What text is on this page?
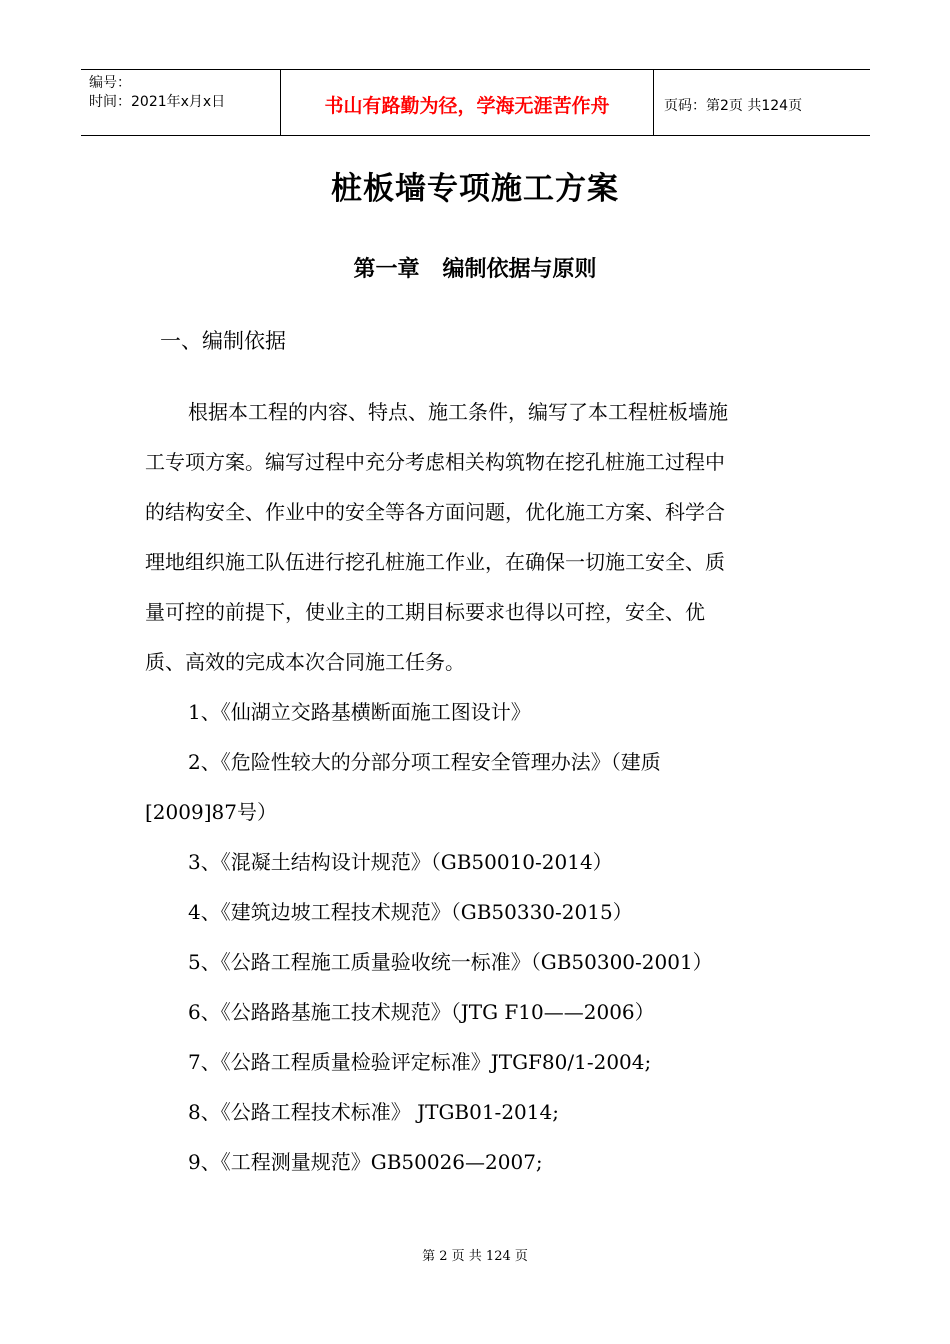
编号：
时间：2021年x月x日	书山有路勤为径，学海无涯苦作舟	页码：第2页 共124页
桩板墙专项施工方案
第一章   编制依据与原则
一、编制依据
根据本工程的内容、特点、施工条件，编写了本工程桩板墙施
工专项方案。编写过程中充分考虑相关构筑物在挖孔桩施工过程中
的结构安全、作业中的安全等各方面问题，优化施工方案、科学合
理地组织施工队伍进行挖孔桩施工作业，在确保一切施工安全、质
量可控的前提下，使业主的工期目标要求也得以可控，安全、优
质、高效的完成本次合同施工任务。
1、《仙湖立交路基横断面施工图设计》
2、《危险性较大的分部分项工程安全管理办法》（建质
[2009]87号）
3、《混凝土结构设计规范》（GB50010-2014）
4、《建筑边坡工程技术规范》（GB50330-2015）
5、《公路工程施工质量验收统一标准》（GB50300-2001）
6、《公路路基施工技术规范》（JTG F10——2006）
7、《公路工程质量检验评定标准》JTGF80/1-2004;
8、《公路工程技术标准》 JTGB01-2014;
9、《工程测量规范》GB50026—2007;
第 2 页 共 124 页
